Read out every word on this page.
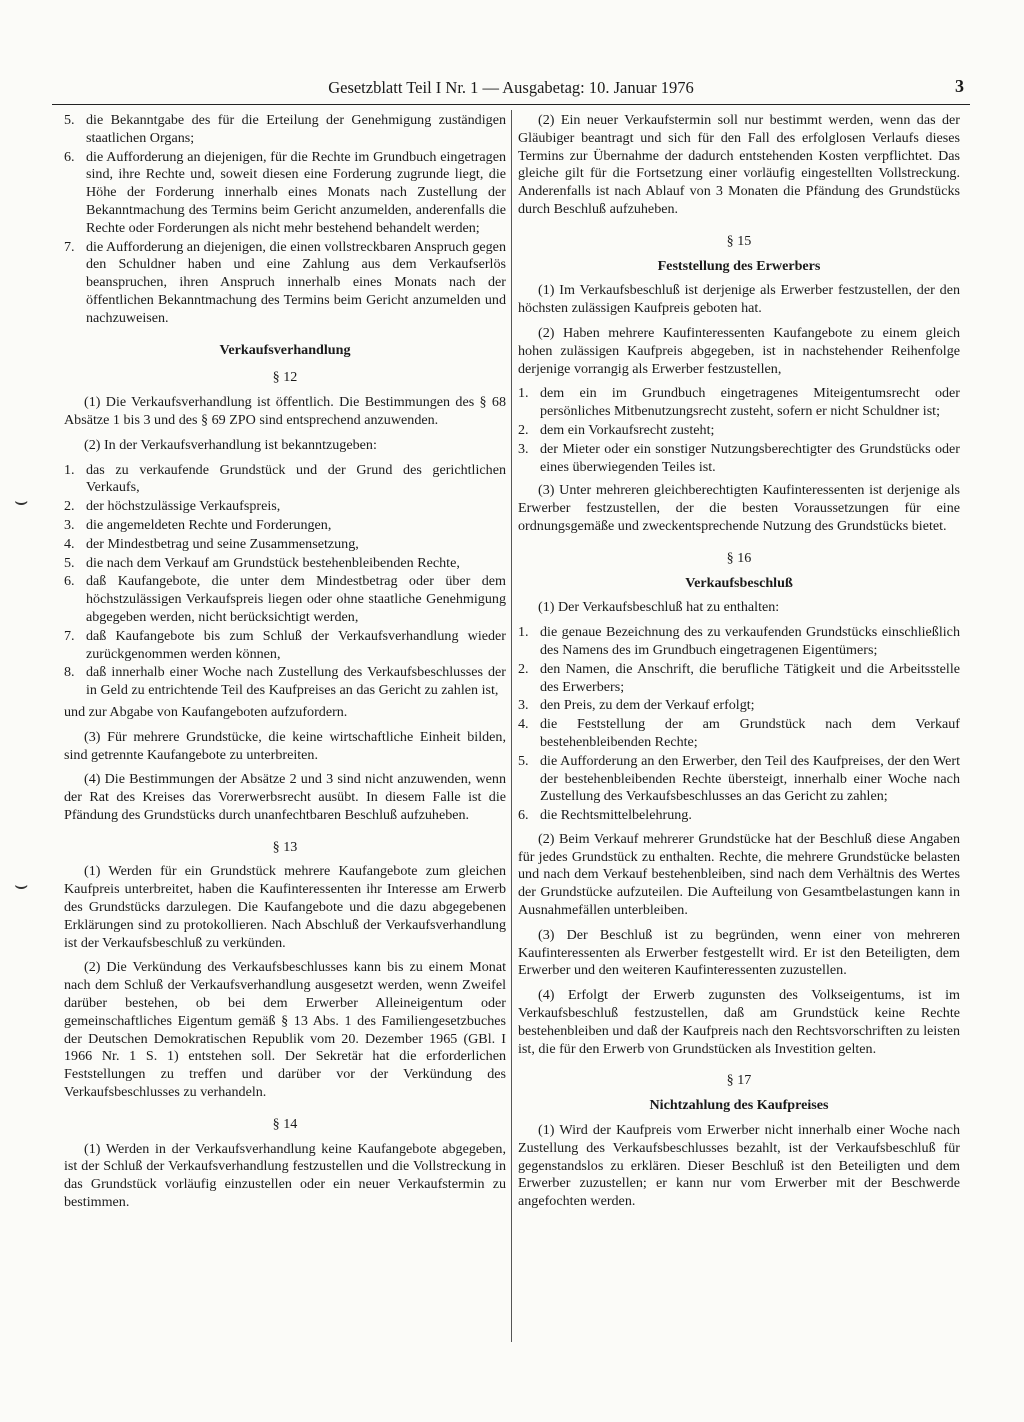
Gesetzblatt Teil I Nr. 1 — Ausgabetag: 10. Januar 1976	3
⌣
⌣
5. die Bekanntgabe des für die Erteilung der Genehmigung zuständigen staatlichen Organs;
6. die Aufforderung an diejenigen, für die Rechte im Grundbuch eingetragen sind, ihre Rechte und, soweit diesen eine Forderung zugrunde liegt, die Höhe der Forderung innerhalb eines Monats nach Zustellung der Bekanntmachung des Termins beim Gericht anzumelden, anderenfalls die Rechte oder Forderungen als nicht mehr bestehend behandelt werden;
7. die Aufforderung an diejenigen, die einen vollstreckbaren Anspruch gegen den Schuldner haben und eine Zahlung aus dem Verkaufserlös beanspruchen, ihren Anspruch innerhalb eines Monats nach der öffentlichen Bekanntmachung des Termins beim Gericht anzumelden und nachzuweisen.
Verkaufsverhandlung
§ 12

(1) Die Verkaufsverhandlung ist öffentlich. Die Bestimmungen des § 68 Absätze 1 bis 3 und des § 69 ZPO sind entsprechend anzuwenden.

(2) In der Verkaufsverhandlung ist bekanntzugeben:

1. das zu verkaufende Grundstück und der Grund des gerichtlichen Verkaufs,
2. der höchstzulässige Verkaufspreis,
3. die angemeldeten Rechte und Forderungen,
4. der Mindestbetrag und seine Zusammensetzung,
5. die nach dem Verkauf am Grundstück bestehenbleibenden Rechte,
6. daß Kaufangebote, die unter dem Mindestbetrag oder über dem höchstzulässigen Verkaufspreis liegen oder ohne staatliche Genehmigung abgegeben werden, nicht berücksichtigt werden,
7. daß Kaufangebote bis zum Schluß der Verkaufsverhandlung wieder zurückgenommen werden können,
8. daß innerhalb einer Woche nach Zustellung des Verkaufsbeschlusses der in Geld zu entrichtende Teil des Kaufpreises an das Gericht zu zahlen ist,

und zur Abgabe von Kaufangeboten aufzufordern.

(3) Für mehrere Grundstücke, die keine wirtschaftliche Einheit bilden, sind getrennte Kaufangebote zu unterbreiten.

(4) Die Bestimmungen der Absätze 2 und 3 sind nicht anzuwenden, wenn der Rat des Kreises das Vorerwerbsrecht ausübt. In diesem Falle ist die Pfändung des Grundstücks durch unanfechtbaren Beschluß aufzuheben.

§ 13

(1) Werden für ein Grundstück mehrere Kaufangebote zum gleichen Kaufpreis unterbreitet, haben die Kaufinteressenten ihr Interesse am Erwerb des Grundstücks darzulegen. Die Kaufangebote und die dazu abgegebenen Erklärungen sind zu protokollieren. Nach Abschluß der Verkaufsverhandlung ist der Verkaufsbeschluß zu verkünden.

(2) Die Verkündung des Verkaufsbeschlusses kann bis zu einem Monat nach dem Schluß der Verkaufsverhandlung ausgesetzt werden, wenn Zweifel darüber bestehen, ob bei dem Erwerber Alleineigentum oder gemeinschaftliches Eigentum gemäß § 13 Abs. 1 des Familiengesetzbuches der Deutschen Demokratischen Republik vom 20. Dezember 1965 (GBl. I 1966 Nr. 1 S. 1) entstehen soll. Der Sekretär hat die erforderlichen Feststellungen zu treffen und darüber vor der Verkündung des Verkaufsbeschlusses zu verhandeln.

§ 14

(1) Werden in der Verkaufsverhandlung keine Kaufangebote abgegeben, ist der Schluß der Verkaufsverhandlung festzustellen und die Vollstreckung in das Grundstück vorläufig einzustellen oder ein neuer Verkaufstermin zu bestimmen.

(2) Ein neuer Verkaufstermin soll nur bestimmt werden, wenn das der Gläubiger beantragt und sich für den Fall des erfolglosen Verlaufs dieses Termins zur Übernahme der dadurch entstehenden Kosten verpflichtet. Das gleiche gilt für die Fortsetzung einer vorläufig eingestellten Vollstreckung. Anderenfalls ist nach Ablauf von 3 Monaten die Pfändung des Grundstücks durch Beschluß aufzuheben.

§ 15
Feststellung des Erwerbers

(1) Im Verkaufsbeschluß ist derjenige als Erwerber festzustellen, der den höchsten zulässigen Kaufpreis geboten hat.

(2) Haben mehrere Kaufinteressenten Kaufangebote zu einem gleich hohen zulässigen Kaufpreis abgegeben, ist in nachstehender Reihenfolge derjenige vorrangig als Erwerber festzustellen,

1. dem ein im Grundbuch eingetragenes Miteigentumsrecht oder persönliches Mitbenutzungsrecht zusteht, sofern er nicht Schuldner ist;
2. dem ein Vorkaufsrecht zusteht;
3. der Mieter oder ein sonstiger Nutzungsberechtigter des Grundstücks oder eines überwiegenden Teiles ist.

(3) Unter mehreren gleichberechtigten Kaufinteressenten ist derjenige als Erwerber festzustellen, der die besten Voraussetzungen für eine ordnungsgemäße und zweckentsprechende Nutzung des Grundstücks bietet.

§ 16
Verkaufsbeschluß

(1) Der Verkaufsbeschluß hat zu enthalten:

1. die genaue Bezeichnung des zu verkaufenden Grundstücks einschließlich des Namens des im Grundbuch eingetragenen Eigentümers;
2. den Namen, die Anschrift, die berufliche Tätigkeit und die Arbeitsstelle des Erwerbers;
3. den Preis, zu dem der Verkauf erfolgt;
4. die Feststellung der am Grundstück nach dem Verkauf bestehenbleibenden Rechte;
5. die Aufforderung an den Erwerber, den Teil des Kaufpreises, der den Wert der bestehenbleibenden Rechte übersteigt, innerhalb einer Woche nach Zustellung des Verkaufsbeschlusses an das Gericht zu zahlen;
6. die Rechtsmittelbelehrung.

(2) Beim Verkauf mehrerer Grundstücke hat der Beschluß diese Angaben für jedes Grundstück zu enthalten. Rechte, die mehrere Grundstücke belasten und nach dem Verkauf bestehenbleiben, sind nach dem Verhältnis des Wertes der Grundstücke aufzuteilen. Die Aufteilung von Gesamtbelastungen kann in Ausnahmefällen unterbleiben.

(3) Der Beschluß ist zu begründen, wenn einer von mehreren Kaufinteressenten als Erwerber festgestellt wird. Er ist den Beteiligten, dem Erwerber und den weiteren Kaufinteressenten zuzustellen.

(4) Erfolgt der Erwerb zugunsten des Volkseigentums, ist im Verkaufsbeschluß festzustellen, daß am Grundstück keine Rechte bestehenbleiben und daß der Kaufpreis nach den Rechtsvorschriften zu leisten ist, die für den Erwerb von Grundstücken als Investition gelten.

§ 17
Nichtzahlung des Kaufpreises

(1) Wird der Kaufpreis vom Erwerber nicht innerhalb einer Woche nach Zustellung des Verkaufsbeschlusses bezahlt, ist der Verkaufsbeschluß für gegenstandslos zu erklären. Dieser Beschluß ist den Beteiligten und dem Erwerber zuzustellen; er kann nur vom Erwerber mit der Beschwerde angefochten werden.
